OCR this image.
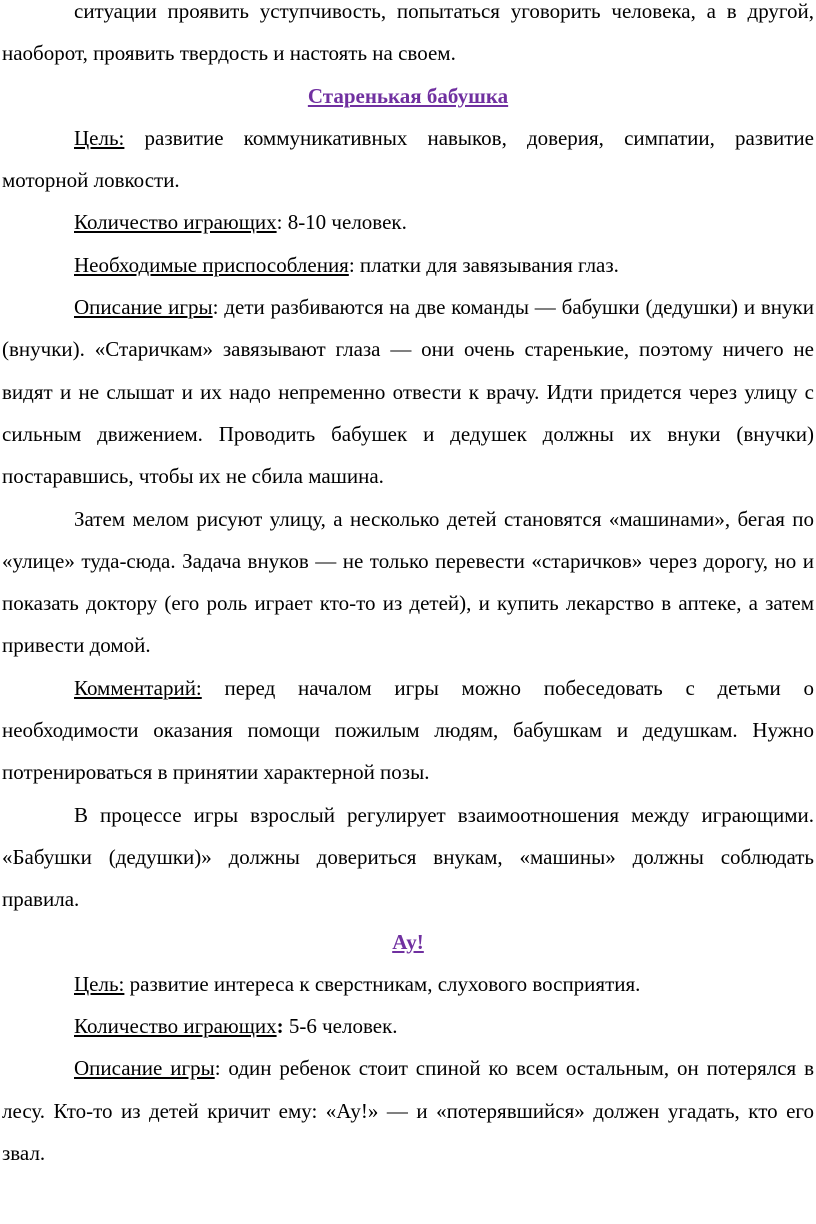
ситуации проявить уступчивость, попытаться уговорить человека, а в другой, наоборот, проявить твердость и настоять на своем.

Старенькая бабушка

Цель: развитие коммуникативных навыков, доверия, симпатии, развитие моторной ловкости.

Количество играющих: 8-10 человек.

Необходимые приспособления: платки для завязывания глаз.

Описание игры: дети разбиваются на две команды — бабушки (дедушки) и внуки (внучки). «Старичкам» завязывают глаза — они очень старенькие, поэтому ничего не видят и не слышат и их надо непременно отвести к врачу. Идти придется через улицу с сильным движением. Проводить бабушек и дедушек должны их внуки (внучки) постаравшись, чтобы их не сбила машина.

Затем мелом рисуют улицу, а несколько детей становятся «машинами», бегая по «улице» туда-сюда. Задача внуков — не только перевести «старичков» через дорогу, но и показать доктору (его роль играет кто-то из детей), и купить лекарство в аптеке, а затем привести домой.

Комментарий: перед началом игры можно побеседовать с детьми о необходимости оказания помощи пожилым людям, бабушкам и дедушкам. Нужно потренироваться в принятии характерной позы.

В процессе игры взрослый регулирует взаимоотношения между играющими. «Бабушки (дедушки)» должны довериться внукам, «машины» должны соблюдать правила.

Ау!

Цель: развитие интереса к сверстникам, слухового восприятия.

Количество играющих: 5-6 человек.

Описание игры: один ребенок стоит спиной ко всем остальным, он потерялся в лесу. Кто-то из детей кричит ему: «Ау!» — и «потерявшийся» должен угадать, кто его звал.
